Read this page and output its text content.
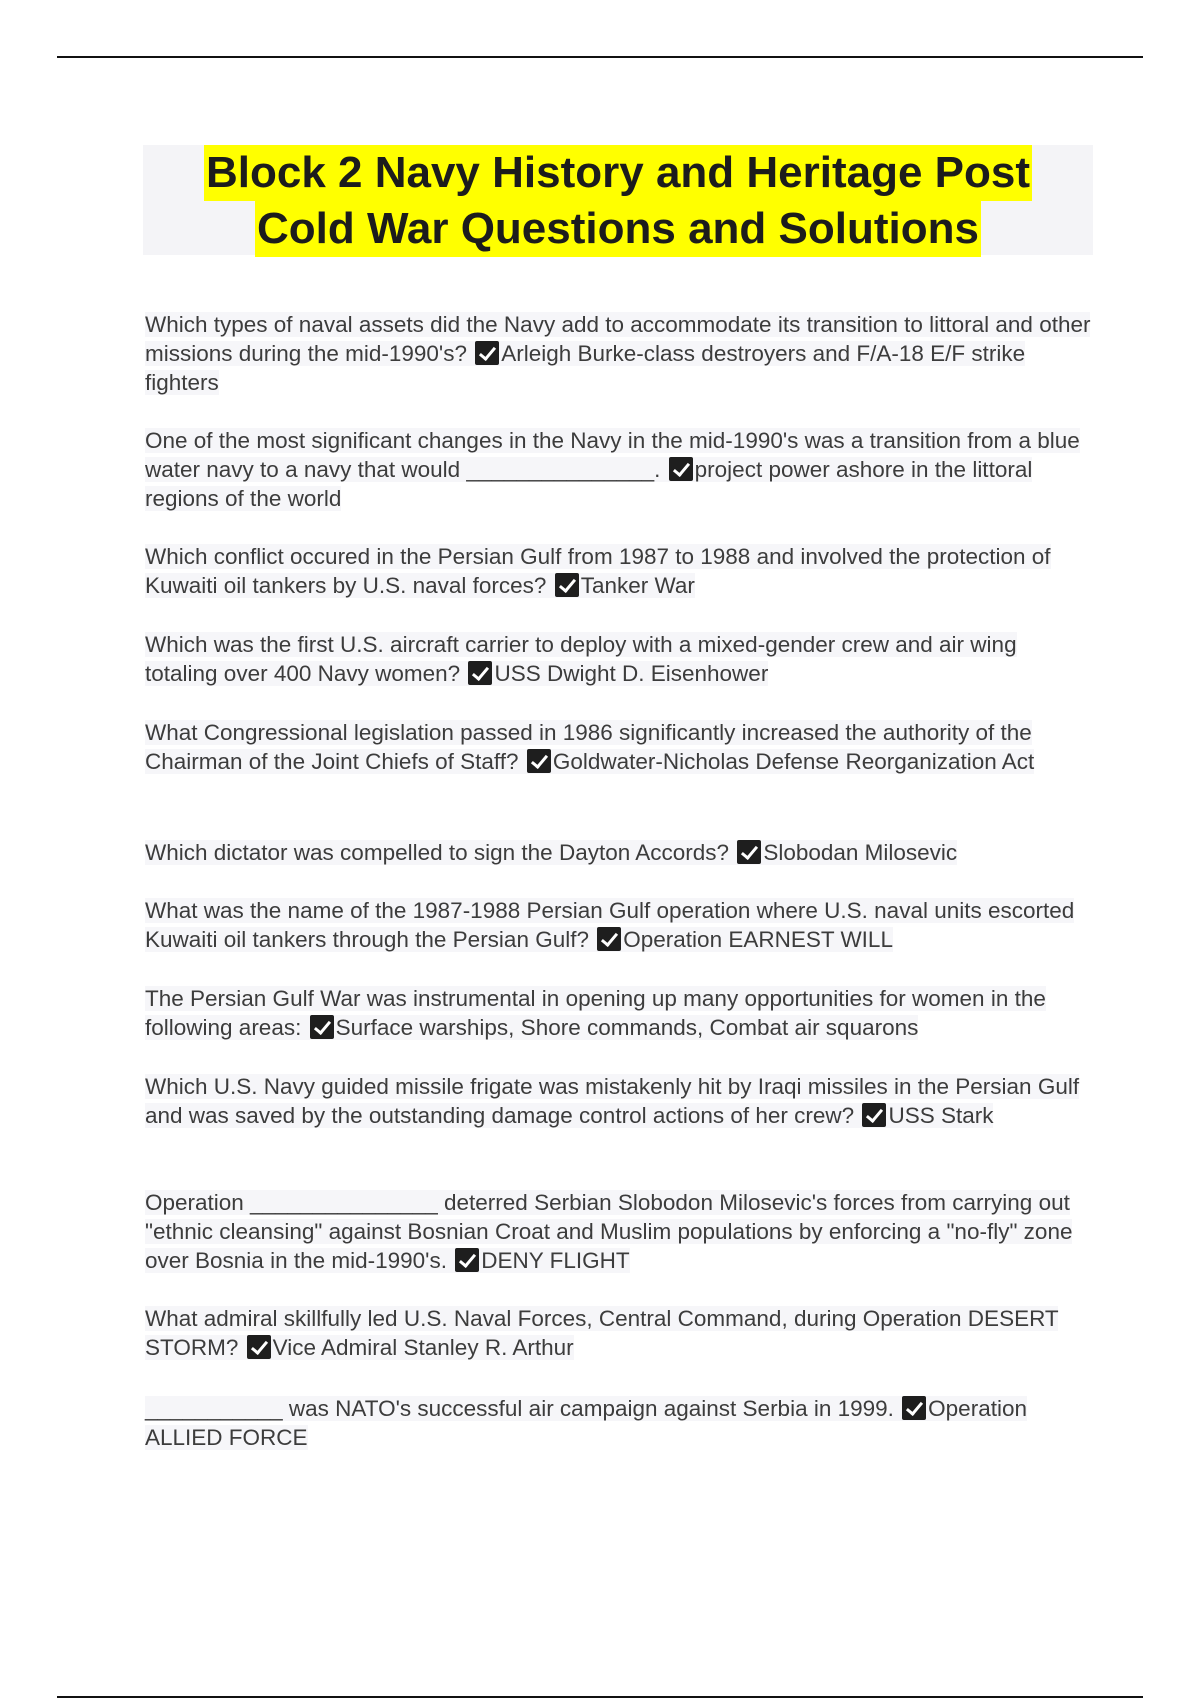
Block 2 Navy History and Heritage Post
Cold War Questions and Solutions
Which types of naval assets did the Navy add to accommodate its transition to littoral and other missions during the mid-1990's? Arleigh Burke-class destroyers and F/A-18 E/F strike fighters
One of the most significant changes in the Navy in the mid-1990's was a transition from a blue water navy to a navy that would _______________. project power ashore in the littoral regions of the world
Which conflict occured in the Persian Gulf from 1987 to 1988 and involved the protection of Kuwaiti oil tankers by U.S. naval forces? Tanker War
Which was the first U.S. aircraft carrier to deploy with a mixed-gender crew and air wing totaling over 400 Navy women? USS Dwight D. Eisenhower
What Congressional legislation passed in 1986 significantly increased the authority of the Chairman of the Joint Chiefs of Staff? Goldwater-Nicholas Defense Reorganization Act
Which dictator was compelled to sign the Dayton Accords? Slobodan Milosevic
What was the name of the 1987-1988 Persian Gulf operation where U.S. naval units escorted Kuwaiti oil tankers through the Persian Gulf? Operation EARNEST WILL
The Persian Gulf War was instrumental in opening up many opportunities for women in the following areas: Surface warships, Shore commands, Combat air squarons
Which U.S. Navy guided missile frigate was mistakenly hit by Iraqi missiles in the Persian Gulf and was saved by the outstanding damage control actions of her crew? USS Stark
Operation _______________ deterred Serbian Slobodon Milosevic's forces from carrying out "ethnic cleansing" against Bosnian Croat and Muslim populations by enforcing a "no-fly" zone over Bosnia in the mid-1990's. DENY FLIGHT
What admiral skillfully led U.S. Naval Forces, Central Command, during Operation DESERT STORM? Vice Admiral Stanley R. Arthur
___________ was NATO's successful air campaign against Serbia in 1999. Operation ALLIED FORCE
